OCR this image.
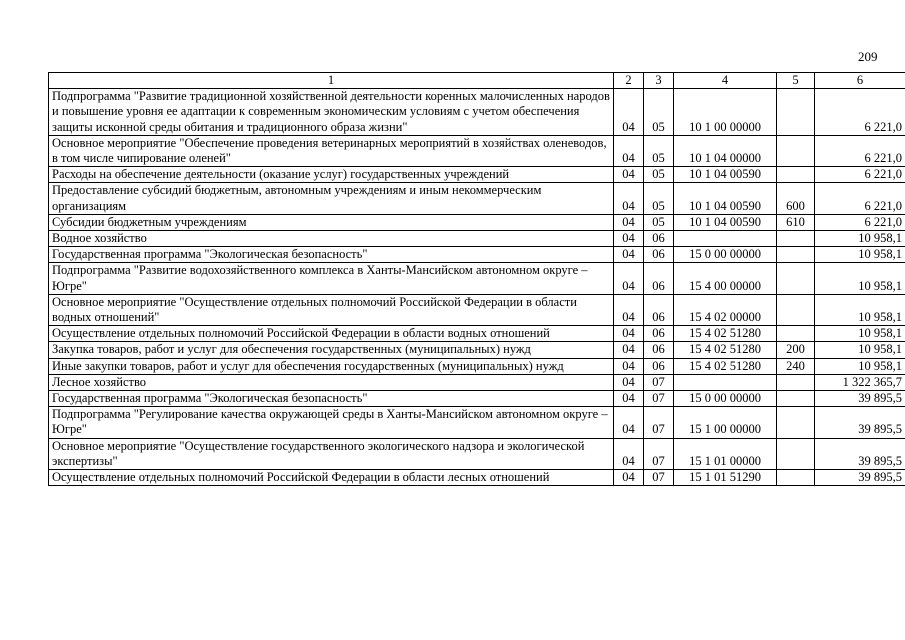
209
1	2	3	4	5	6
Подпрограмма "Развитие традиционной хозяйственной деятельности коренных малочисленных народов и повышение уровня ее адаптации к современным экономическим условиям с учетом обеспечения защиты исконной среды обитания и традиционного образа жизни"	04	05	10 1 00 00000		6 221,0
Основное мероприятие "Обеспечение проведения ветеринарных мероприятий в хозяйствах оленеводов, в том числе чипирование оленей"	04	05	10 1 04 00000		6 221,0
Расходы на обеспечение деятельности (оказание услуг) государственных учреждений	04	05	10 1 04 00590		6 221,0
Предоставление субсидий бюджетным, автономным учреждениям и иным некоммерческим организациям	04	05	10 1 04 00590	600	6 221,0
Субсидии бюджетным учреждениям	04	05	10 1 04 00590	610	6 221,0
Водное хозяйство	04	06			10 958,1
Государственная программа "Экологическая безопасность"	04	06	15 0 00 00000		10 958,1
Подпрограмма "Развитие водохозяйственного комплекса в Ханты-Мансийском автономном округе – Югре"	04	06	15 4 00 00000		10 958,1
Основное мероприятие "Осуществление отдельных полномочий Российской Федерации в области водных отношений"	04	06	15 4 02 00000		10 958,1
Осуществление отдельных полномочий Российской Федерации в области водных отношений	04	06	15 4 02 51280		10 958,1
Закупка товаров, работ и услуг для обеспечения государственных (муниципальных) нужд	04	06	15 4 02 51280	200	10 958,1
Иные закупки товаров, работ и услуг для обеспечения государственных (муниципальных) нужд	04	06	15 4 02 51280	240	10 958,1
Лесное хозяйство	04	07			1 322 365,7
Государственная программа "Экологическая безопасность"	04	07	15 0 00 00000		39 895,5
Подпрограмма "Регулирование качества окружающей среды в Ханты-Мансийском автономном округе – Югре"	04	07	15 1 00 00000		39 895,5
Основное мероприятие "Осуществление государственного экологического надзора и экологической экспертизы"	04	07	15 1 01 00000		39 895,5
Осуществление отдельных полномочий Российской Федерации в области лесных отношений	04	07	15 1 01 51290		39 895,5
